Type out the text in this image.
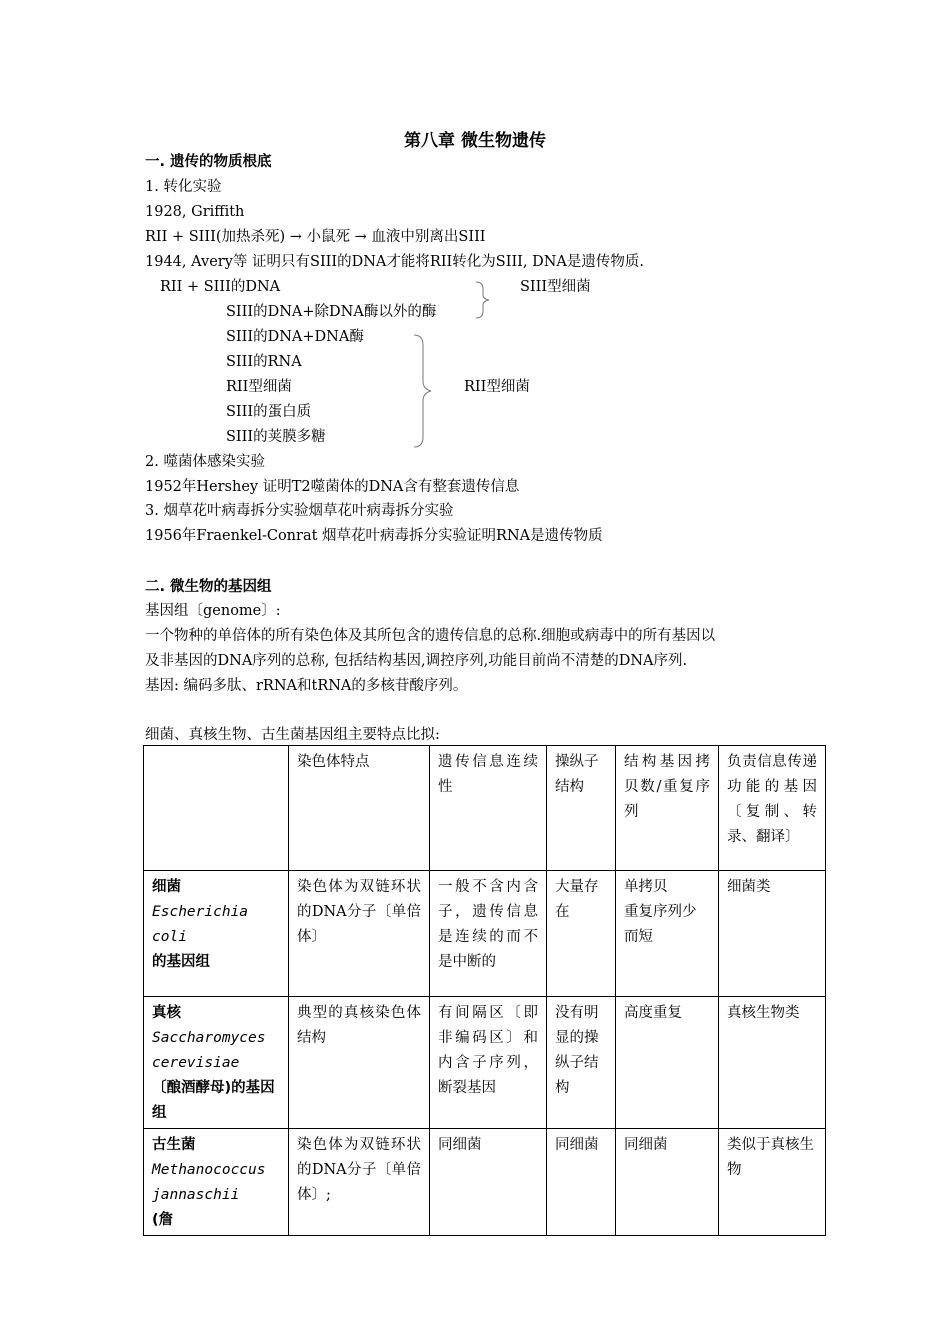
第八章 微生物遗传
一. 遗传的物质根底
1. 转化实验
1928, Griffith
RII + SIII(加热杀死) → 小鼠死 → 血液中别离出SIII
1944, Avery等 证明只有SIII的DNA才能将RII转化为SIII, DNA是遗传物质.
RII + SIII的DNA
SIII的DNA+除DNA酶以外的酶
SIII型细菌
SIII的DNA+DNA酶
SIII的RNA
RII型细菌
SIII的蛋白质
SIII的荚膜多糖
RII型细菌
2. 噬菌体感染实验
1952年Hershey 证明T2噬菌体的DNA含有整套遗传信息
3. 烟草花叶病毒拆分实验烟草花叶病毒拆分实验
1956年Fraenkel-Conrat 烟草花叶病毒拆分实验证明RNA是遗传物质
二. 微生物的基因组
基因组〔genome〕:
一个物种的单倍体的所有染色体及其所包含的遗传信息的总称.细胞或病毒中的所有基因以
及非基因的DNA序列的总称, 包括结构基因,调控序列,功能目前尚不清楚的DNA序列.
基因: 编码多肽、rRNA和tRNA的多核苷酸序列。
细菌、真核生物、古生菌基因组主要特点比拟:
	染色体特点	遗传信息连续性	操纵子结构	结构基因拷贝数/重复序列	负责信息传递功能的基因〔复制、转录、翻译〕

细菌
Escherichia coli
的基因组	染色体为双链环状的DNA分子〔单倍体〕	一般不含内含子，遗传信息是连续的而不是中断的	大量存在	单拷贝
重复序列少而短	细菌类

真核
Saccharomyces cerevisiae
〔酿酒酵母)的基因组	典型的真核染色体结构	有间隔区〔即非编码区〕和内含子序列，断裂基因	没有明显的操纵子结构	高度重复	真核生物类

古生菌
Methanococcus jannaschii
(詹	染色体为双链环状的DNA分子〔单倍体〕;	同细菌	同细菌	同细菌	类似于真核生物
